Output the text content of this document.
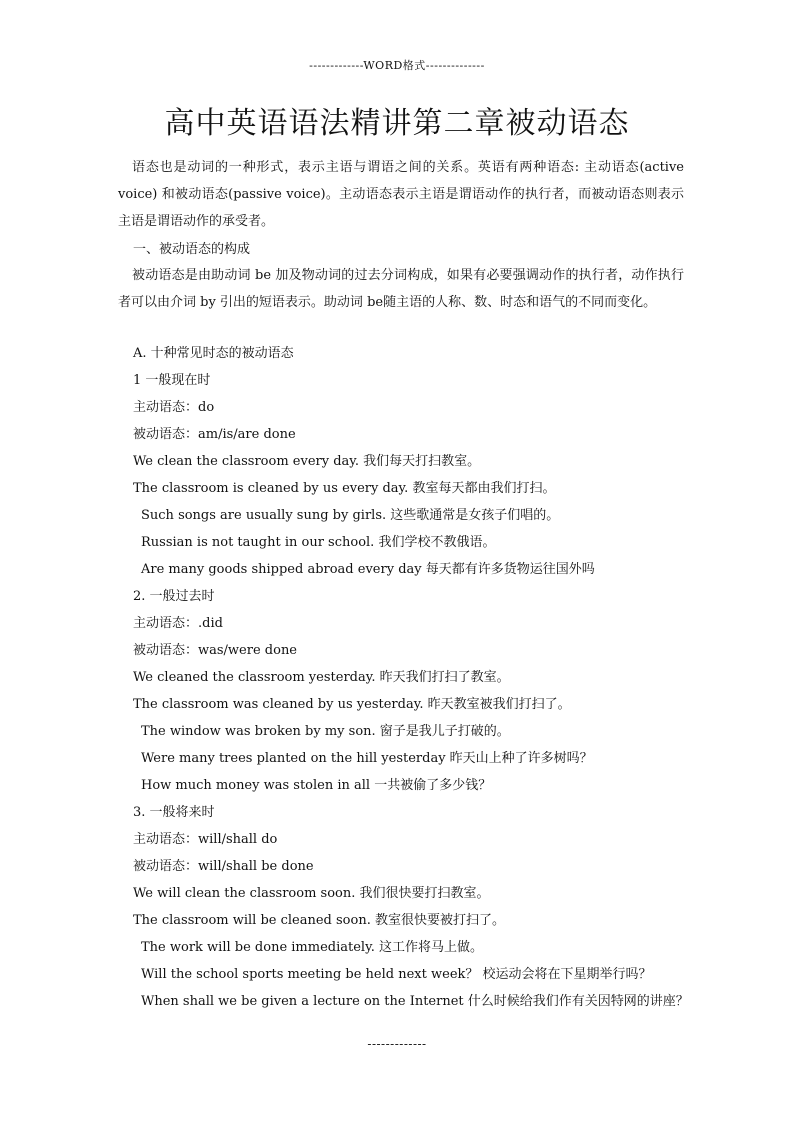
-------------WORD格式--------------
高中英语语法精讲第二章被动语态
语态也是动词的一种形式，表示主语与谓语之间的关系。英语有两种语态: 主动语态(active voice) 和被动语态(passive voice)。主动语态表示主语是谓语动作的执行者，而被动语态则表示主语是谓语动作的承受者。
一、被动语态的构成
被动语态是由助动词 be 加及物动词的过去分词构成，如果有必要强调动作的执行者，动作执行者可以由介词 by 引出的短语表示。助动词 be随主语的人称、数、时态和语气的不同而变化。
A. 十种常见时态的被动语态
1 一般现在时
主动语态：do
被动语态：am/is/are done
We clean the classroom every day. 我们每天打扫教室。
The classroom is cleaned by us every day. 教室每天都由我们打扫。
Such songs are usually sung by girls. 这些歌通常是女孩子们唱的。
Russian is not taught in our school. 我们学校不教俄语。
Are many goods shipped abroad every day 每天都有许多货物运往国外吗
2. 一般过去时
主动语态：.did
被动语态：was/were done
We cleaned the classroom yesterday. 昨天我们打扫了教室。
The classroom was cleaned by us yesterday. 昨天教室被我们打扫了。
The window was broken by my son. 窗子是我儿子打破的。
Were many trees planted on the hill yesterday 昨天山上种了许多树吗？
How much money was stolen in all 一共被偷了多少钱？
3. 一般将来时
主动语态：will/shall do
被动语态：will/shall be done
We will clean the classroom soon. 我们很快要打扫教室。
The classroom will be cleaned soon. 教室很快要被打扫了。
The work will be done immediately. 这工作将马上做。
Will the school sports meeting be held next week？ 校运动会将在下星期举行吗？
When shall we be given a lecture on the Internet 什么时候给我们作有关因特网的讲座？
-------------
